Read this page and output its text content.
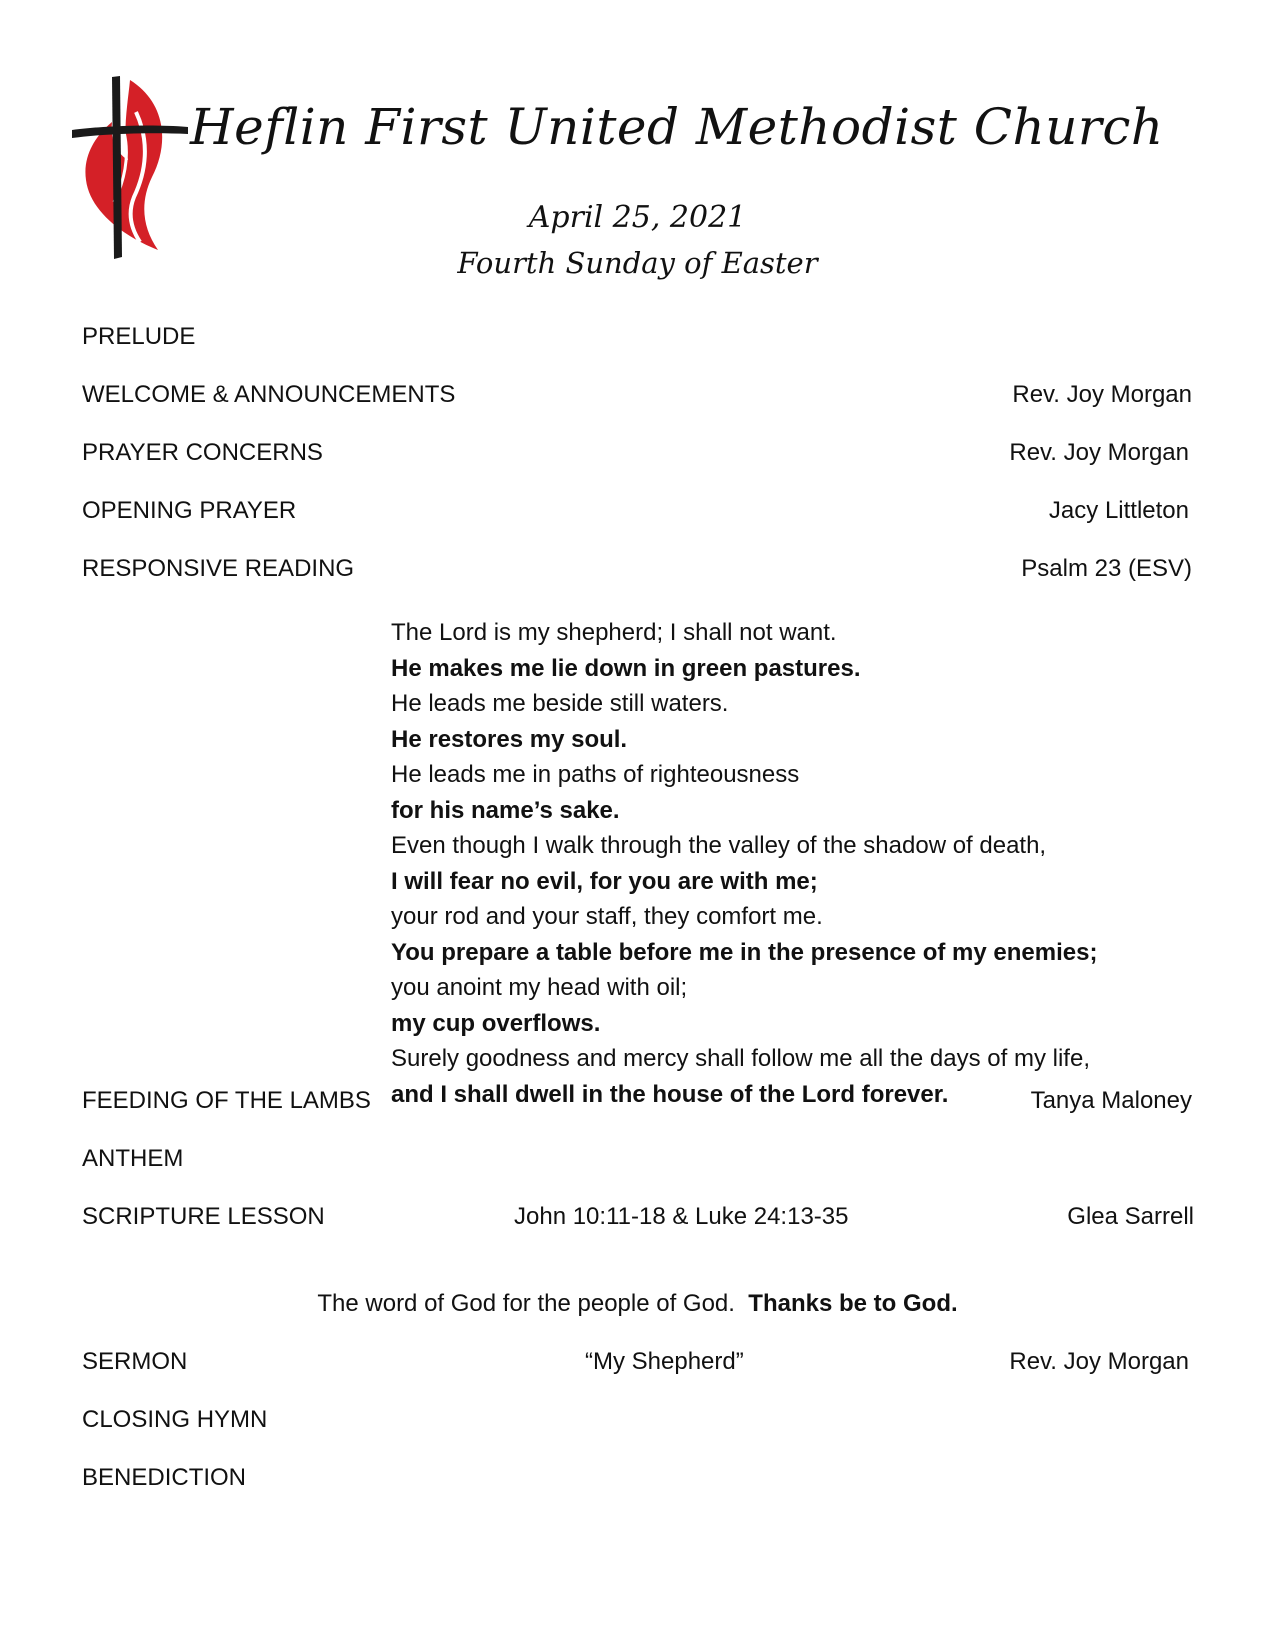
Heflin First United Methodist Church
April 25, 2021
Fourth Sunday of Easter
PRELUDE
WELCOME & ANNOUNCEMENTS	Rev. Joy Morgan
PRAYER CONCERNS	Rev. Joy Morgan
OPENING PRAYER	Jacy Littleton
RESPONSIVE READING	Psalm 23 (ESV)
The Lord is my shepherd; I shall not want.
He makes me lie down in green pastures.
He leads me beside still waters.
He restores my soul.
He leads me in paths of righteousness
for his name’s sake.
Even though I walk through the valley of the shadow of death,
I will fear no evil, for you are with me;
your rod and your staff, they comfort me.
You prepare a table before me in the presence of my enemies;
you anoint my head with oil;
my cup overflows.
Surely goodness and mercy shall follow me all the days of my life,
and I shall dwell in the house of the Lord forever.
FEEDING OF THE LAMBS	Tanya Maloney
ANTHEM
SCRIPTURE LESSON	John 10:11-18 & Luke 24:13-35	Glea Sarrell
The word of God for the people of God. Thanks be to God.
SERMON	“My Shepherd”	Rev. Joy Morgan
CLOSING HYMN
BENEDICTION
